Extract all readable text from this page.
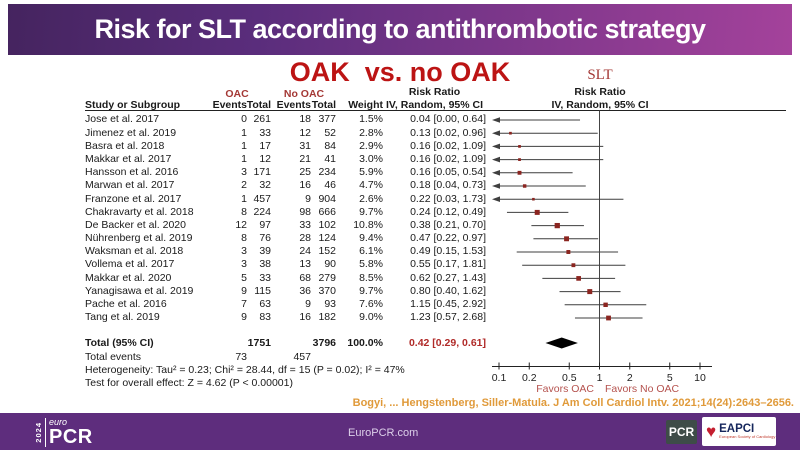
Risk for SLT according to antithrombotic strategy
OAK  vs. no OAK
OAC	No OAC	Risk Ratio
SLT
Risk Ratio
Study or Subgroup	Events Total Events Total	Weight IV, Random, 95% CI	IV, Random, 95% CI
Jose et al. 2017	0 261	18 377	1.5%	0.04 [0.00, 0.64]
Jimenez et al. 2019	1	33	12	52	2.8%	0.13 [0.02, 0.96]
Basra et al. 2018	1	17	31	84	2.9%	0.16 [0.02, 1.09]
Makkar et al. 2017	1	12	21	41	3.0%	0.16 [0.02, 1.09]
Hansson et al. 2016	3 171	25 234	5.9%	0.16 [0.05, 0.54]
Marwan et al. 2017	2	32	16	46	4.7%	0.18 [0.04, 0.73]
Franzone et al. 2017	1 457	9 904	2.6%	0.22 [0.03, 1.73]
Chakravarty et al. 2018	8 224	98 666	9.7%	0.24 [0.12, 0.49]
De Backer et al. 2020	12	97	33 102	10.8%	0.38 [0.21, 0.70]
Nührenberg et al. 2019	8	76	28 124	9.4%	0.47 [0.22, 0.97]
Waksman et al. 2018	3	39	24 152	6.1%	0.49 [0.15, 1.53]
Vollema et al. 2017	3	38	13	90	5.8%	0.55 [0.17, 1.81]
Makkar et al. 2020	5	33	68 279	8.5%	0.62 [0.27, 1.43]
Yanagisawa et al. 2019	9 115	36 370	9.7%	0.80 [0.40, 1.62]
Pache et al. 2016	7	63	9	93	7.6%	1.15 [0.45, 2.92]
Tang et al. 2019	9	83	16 182	9.0%	1.23 [0.57, 2.68]
0.1 0.2 0.5 1 2	5 10
Favors OAC Favors No OAC
Total (95% CI)	1751	3796	100.0%	0.42 [0.29, 0.61]
Total events	73	457
Heterogeneity: Tau² = 0.23; Chi² = 28.44, df = 15 (P = 0.02); I² = 47%
Test for overall effect: Z = 4.62 (P < 0.00001)
Bogyi, ... Hengstenberg, Siller-Matula. J Am Coll Cardiol Intv. 2021;14(24):2643–2656.
2024
euro
PCR	EuroPCR.com	PCR ♥ EAPCI
European Society of Cardiology
